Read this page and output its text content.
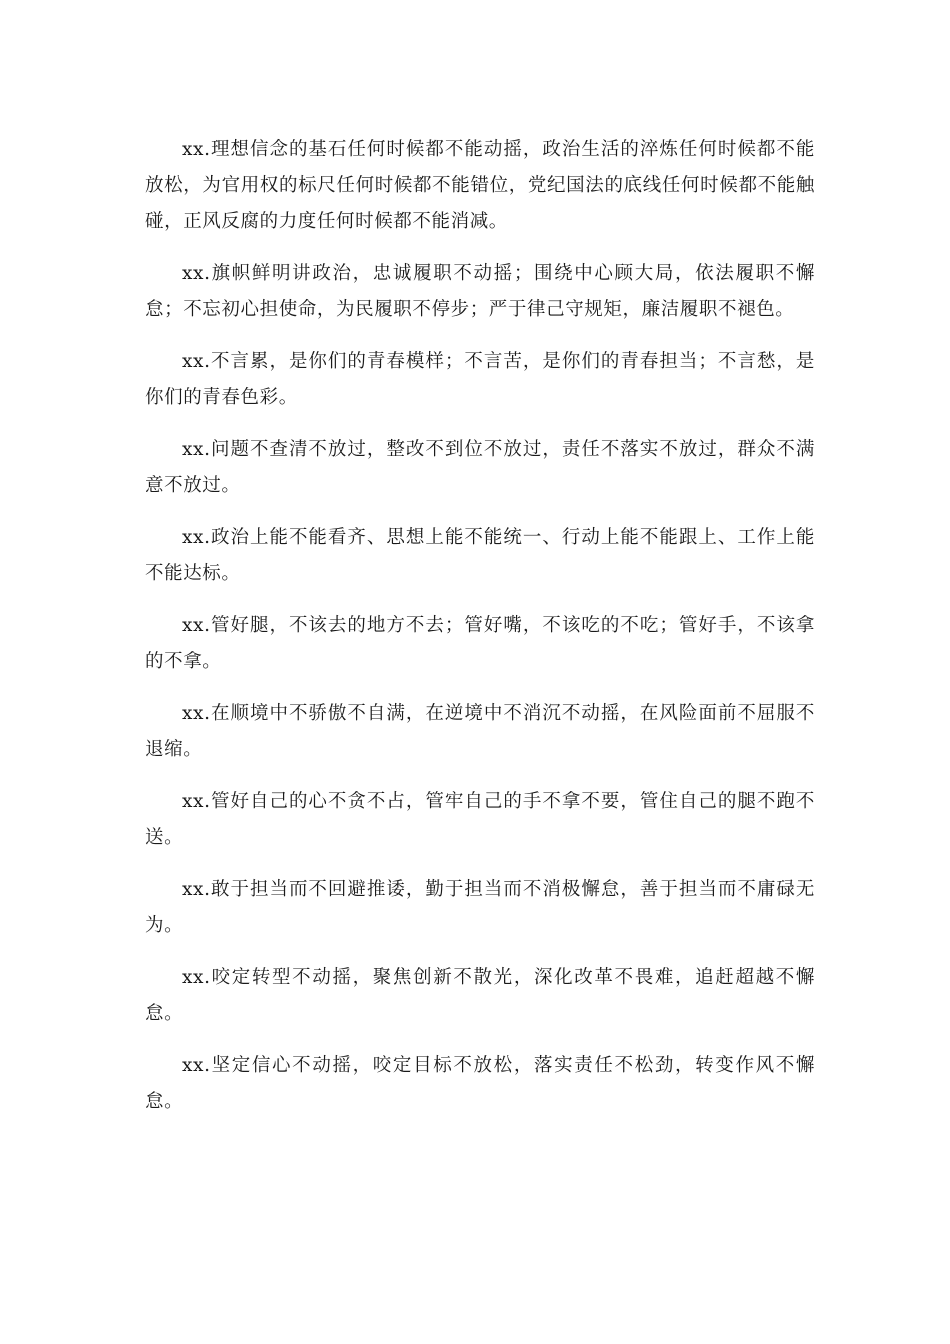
xx.理想信念的基石任何时候都不能动摇，政治生活的淬炼任何时候都不能放松，为官用权的标尺任何时候都不能错位，党纪国法的底线任何时候都不能触碰，正风反腐的力度任何时候都不能消减。

xx.旗帜鲜明讲政治，忠诚履职不动摇；围绕中心顾大局，依法履职不懈怠；不忘初心担使命，为民履职不停步；严于律己守规矩，廉洁履职不褪色。

xx.不言累，是你们的青春模样；不言苦，是你们的青春担当；不言愁，是你们的青春色彩。

xx.问题不查清不放过，整改不到位不放过，责任不落实不放过，群众不满意不放过。

xx.政治上能不能看齐、思想上能不能统一、行动上能不能跟上、工作上能不能达标。

xx.管好腿，不该去的地方不去；管好嘴，不该吃的不吃；管好手，不该拿的不拿。

xx.在顺境中不骄傲不自满，在逆境中不消沉不动摇，在风险面前不屈服不退缩。

xx.管好自己的心不贪不占，管牢自己的手不拿不要，管住自己的腿不跑不送。

xx.敢于担当而不回避推诿，勤于担当而不消极懈怠，善于担当而不庸碌无为。

xx.咬定转型不动摇，聚焦创新不散光，深化改革不畏难，追赶超越不懈怠。

xx.坚定信心不动摇，咬定目标不放松，落实责任不松劲，转变作风不懈怠。
